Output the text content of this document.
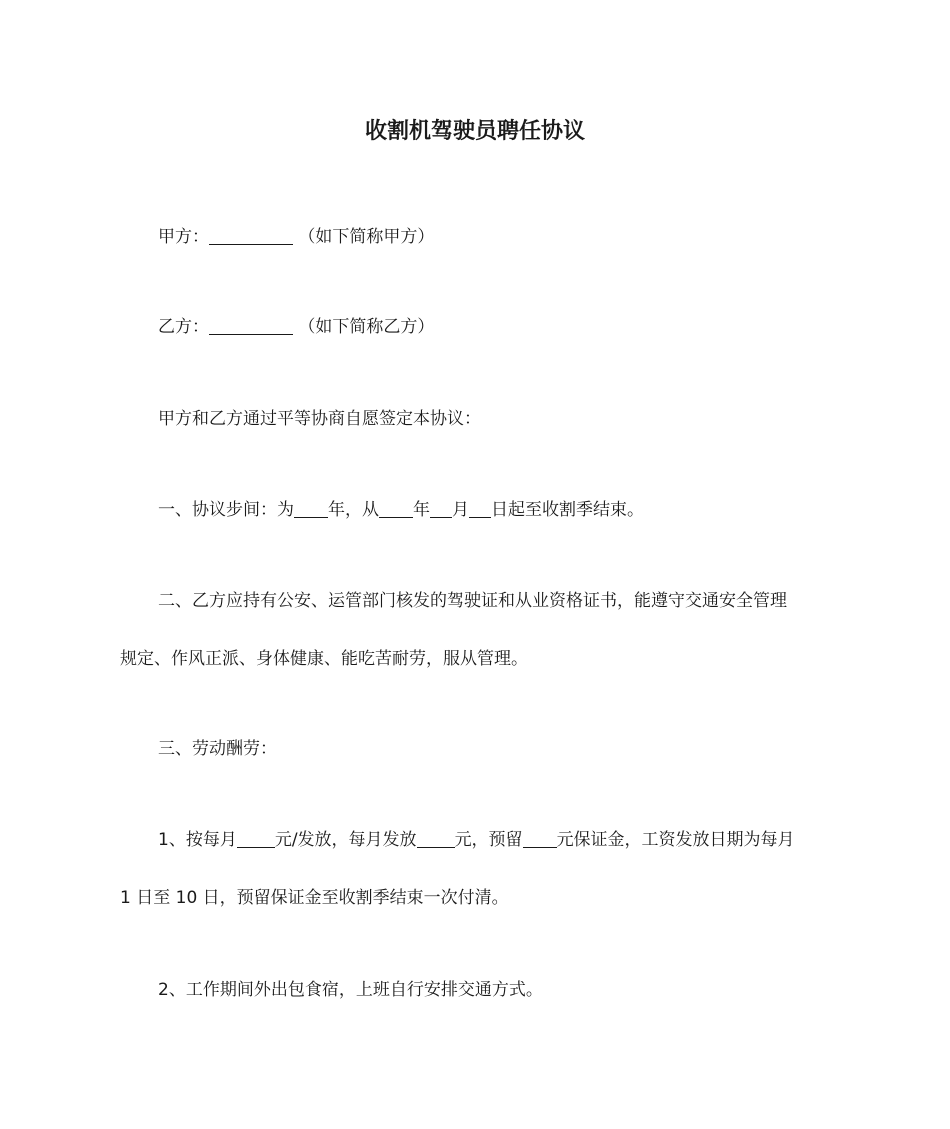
收割机驾驶员聘任协议
甲方：	（如下简称甲方）
乙方：	（如下简称乙方）
甲方和乙方通过平等协商自愿签定本协议：
一、协议步间：为 年，从 年 月 日起至收割季结束。
二、乙方应持有公安、运管部门核发的驾驶证和从业资格证书，能遵守交通安全管理
规定、作风正派、身体健康、能吃苦耐劳，服从管理。
三、劳动酬劳：
1、按每月 元/发放，每月发放 元，预留 元保证金，工资发放日期为每月
1 日至 10 日，预留保证金至收割季结束一次付清。
2、工作期间外出包食宿，上班自行安排交通方式。
